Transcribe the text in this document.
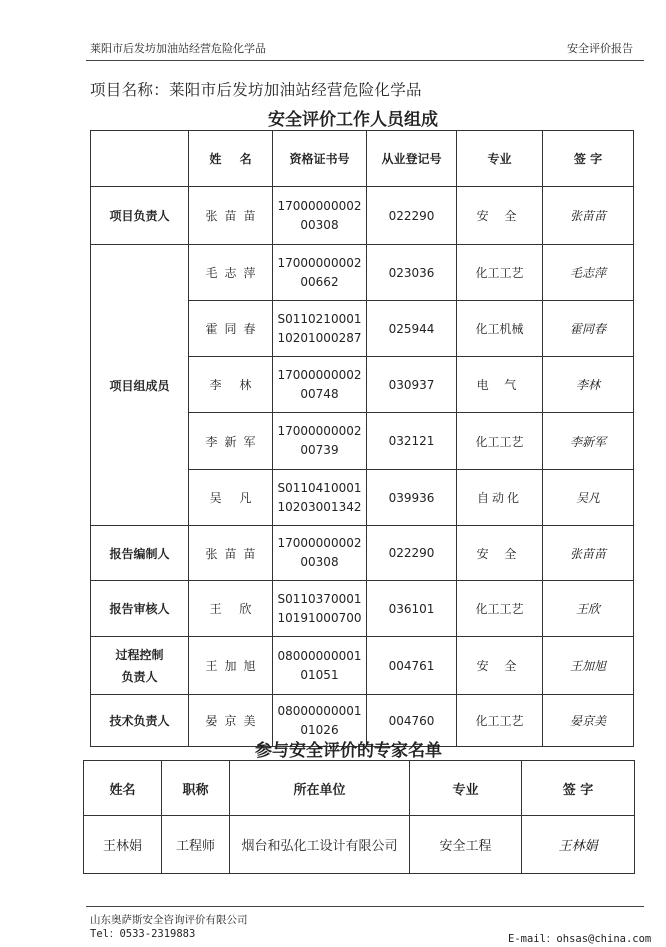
莱阳市后发坊加油站经营危险化学品	安全评价报告
项目名称：莱阳市后发坊加油站经营危险化学品
安全评价工作人员组成
	姓 名	资格证书号	从业登记号	专业	签 字
项目负责人	张苗苗	17000000002
00308	022290	安 全	张苗苗
项目组成员	毛志萍	17000000002
00662	023036	化工工艺	毛志萍
	霍同春	S0110210001
10201000287	025944	化工机械	霍同春
	李 林	17000000002
00748	030937	电 气	李林
	李新军	17000000002
00739	032121	化工工艺	李新军
	吴 凡	S0110410001
10203001342	039936	自动化	吴凡
报告编制人	张苗苗	17000000002
00308	022290	安 全	张苗苗
报告审核人	王 欣	S0110370001
10191000700	036101	化工工艺	王欣
过程控制
负责人	王加旭	08000000001
01051	004761	安 全	王加旭
技术负责人	晏京美	08000000001
01026	004760	化工工艺	晏京美
参与安全评价的专家名单
姓名	职称	所在单位	专业	签 字
王林娟	工程师	烟台和弘化工设计有限公司	安全工程	王林娟
山东奥萨斯安全咨询评价有限公司
Tel：0533-2319883	E-mail：ohsas@china.com
